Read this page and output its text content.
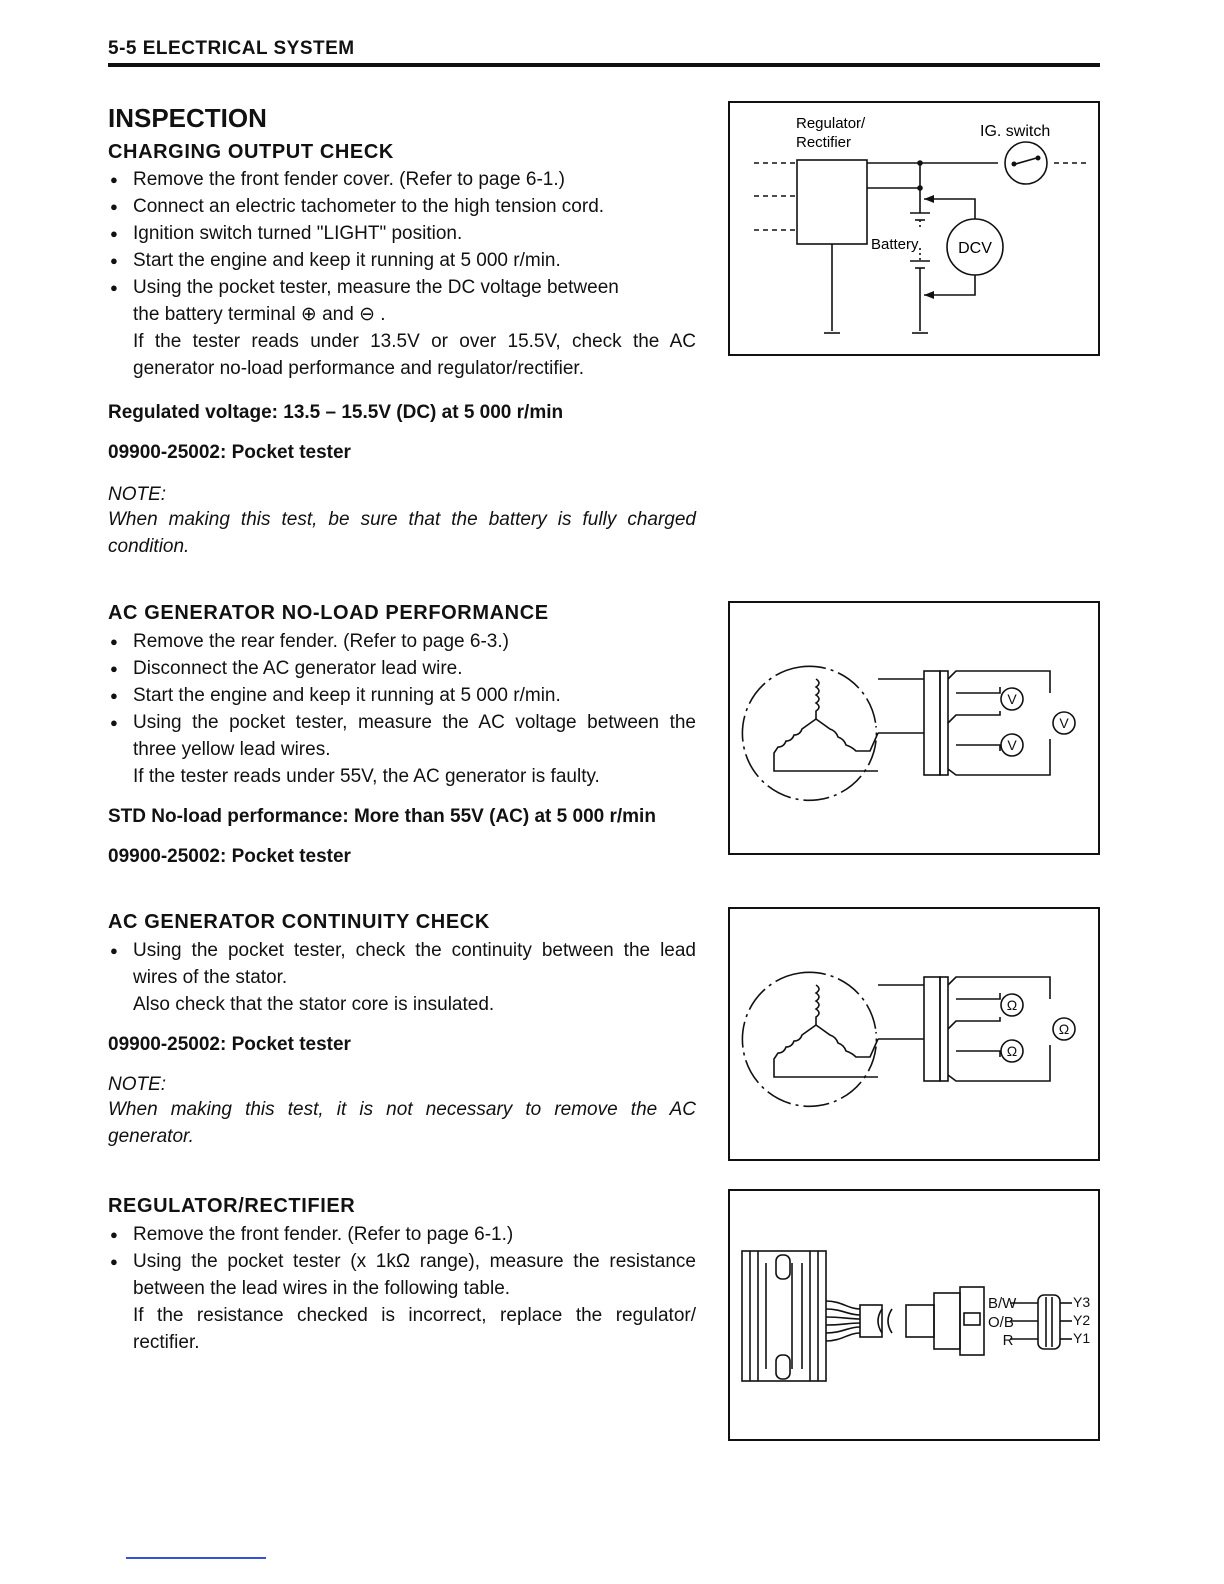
5-5 ELECTRICAL SYSTEM
INSPECTION
CHARGING OUTPUT CHECK
● Remove the front fender cover. (Refer to page 6-1.)
● Connect an electric tachometer to the high tension cord.
● Ignition switch turned "LIGHT" position.
● Start the engine and keep it running at 5 000 r/min.
● Using the pocket tester, measure the DC voltage between

the battery terminal ⊕ and ⊖ .

If the tester reads under 13.5V or over 15.5V, check the AC generator no-load performance and regulator/rectifier.

Regulated voltage: 13.5 – 15.5V (DC) at 5 000 r/min

09900-25002: Pocket tester

NOTE:

When making this test, be sure that the battery is fully charged condition.

AC GENERATOR NO-LOAD PERFORMANCE
● Remove the rear fender. (Refer to page 6-3.)
● Disconnect the AC generator lead wire.
● Start the engine and keep it running at 5 000 r/min.
● Using the pocket tester, measure the AC voltage between the three yellow lead wires.

If the tester reads under 55V, the AC generator is faulty.

STD No-load performance: More than 55V (AC) at 5 000 r/min

09900-25002: Pocket tester

AC GENERATOR CONTINUITY CHECK
● Using the pocket tester, check the continuity between the lead wires of the stator.

Also check that the stator core is insulated.

09900-25002: Pocket tester

NOTE:

When making this test, it is not necessary to remove the AC generator.

REGULATOR/RECTIFIER
● Remove the front fender. (Refer to page 6-1.)
● Using the pocket tester (x 1kΩ range), measure the resistance between the lead wires in the following table.

If the resistance checked is incorrect, replace the regulator/ rectifier.

Regulator/
Rectifier
IG. switch
Battery DCV
V
V
V
Ω
Ω
Ω
B/W
O/B
R
Y3
Y2
Y1
